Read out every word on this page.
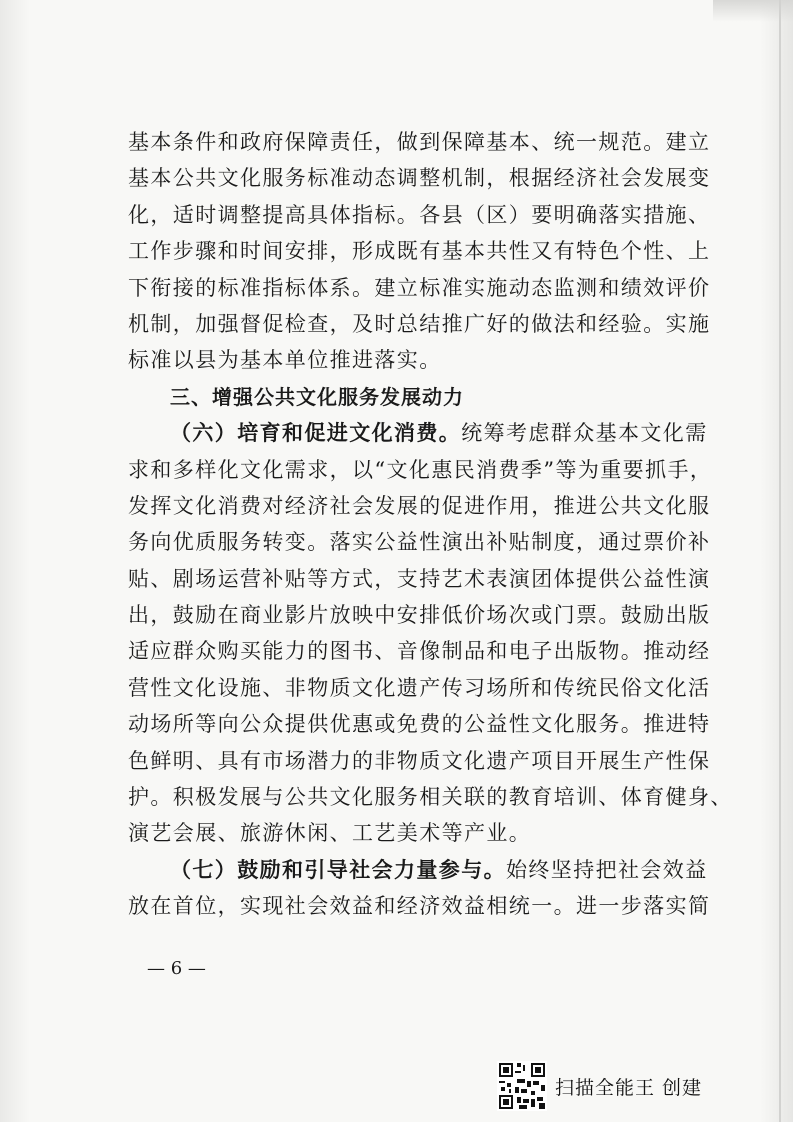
基本条件和政府保障责任，做到保障基本、统一规范。建立
基本公共文化服务标准动态调整机制，根据经济社会发展变
化，适时调整提高具体指标。各县（区）要明确落实措施、
工作步骤和时间安排，形成既有基本共性又有特色个性、上
下衔接的标准指标体系。建立标准实施动态监测和绩效评价
机制，加强督促检查，及时总结推广好的做法和经验。实施
标准以县为基本单位推进落实。
三、增强公共文化服务发展动力
（六）培育和促进文化消费。统筹考虑群众基本文化需
求和多样化文化需求，以“文化惠民消费季”等为重要抓手，
发挥文化消费对经济社会发展的促进作用，推进公共文化服
务向优质服务转变。落实公益性演出补贴制度，通过票价补
贴、剧场运营补贴等方式，支持艺术表演团体提供公益性演
出，鼓励在商业影片放映中安排低价场次或门票。鼓励出版
适应群众购买能力的图书、音像制品和电子出版物。推动经
营性文化设施、非物质文化遗产传习场所和传统民俗文化活
动场所等向公众提供优惠或免费的公益性文化服务。推进特
色鲜明、具有市场潜力的非物质文化遗产项目开展生产性保
护。积极发展与公共文化服务相关联的教育培训、体育健身、
演艺会展、旅游休闲、工艺美术等产业。
（七）鼓励和引导社会力量参与。始终坚持把社会效益
放在首位，实现社会效益和经济效益相统一。进一步落实简
— 6 —
扫描全能王 创建
